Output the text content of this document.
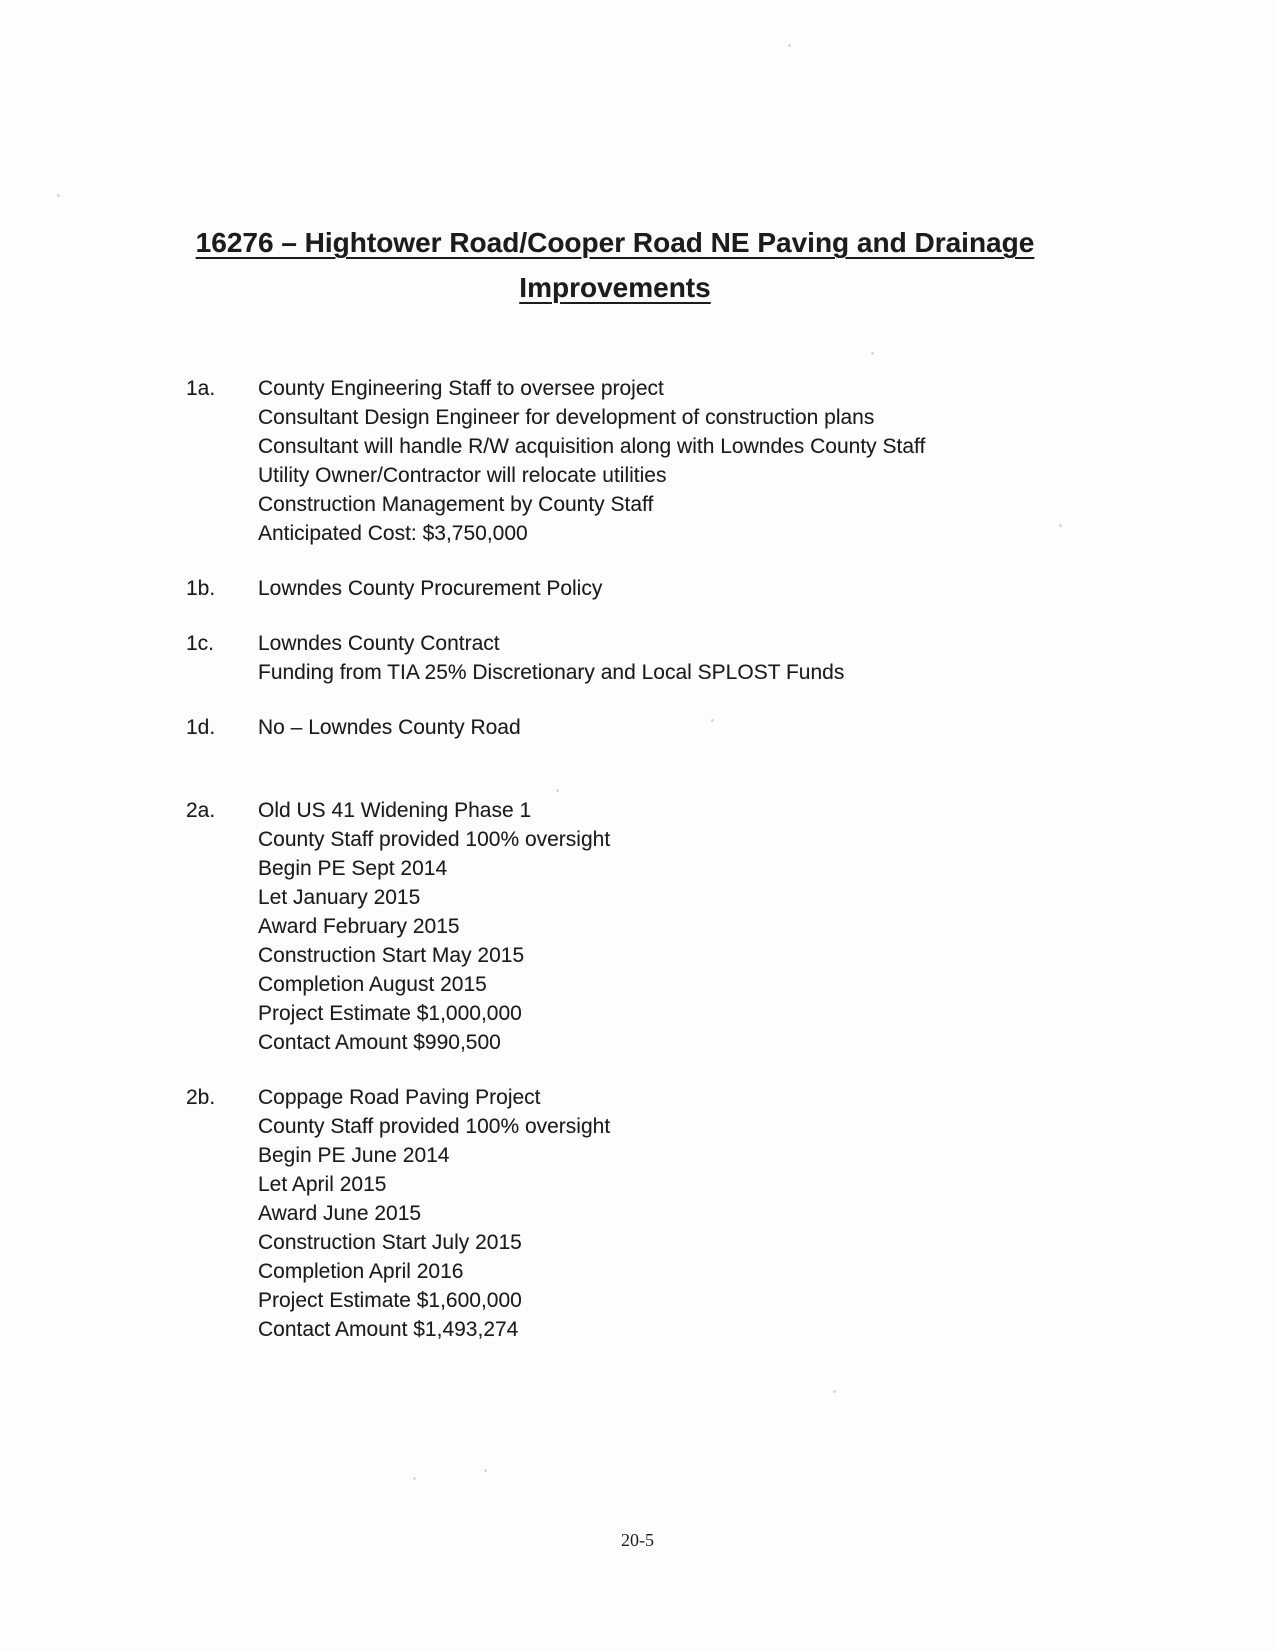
16276 – Hightower Road/Cooper Road NE Paving and Drainage
Improvements
1a.	County Engineering Staff to oversee project

Consultant Design Engineer for development of construction plans

Consultant will handle R/W acquisition along with Lowndes County Staff

Utility Owner/Contractor will relocate utilities

Construction Management by County Staff

Anticipated Cost: $3,750,000

1b.	Lowndes County Procurement Policy

1c.	Lowndes County Contract

Funding from TIA 25% Discretionary and Local SPLOST Funds

1d.	No – Lowndes County Road

2a.	Old US 41 Widening Phase 1

County Staff provided 100% oversight

Begin PE Sept 2014

Let January 2015

Award February 2015

Construction Start May 2015

Completion August 2015

Project Estimate $1,000,000

Contact Amount $990,500

2b.	Coppage Road Paving Project

County Staff provided 100% oversight

Begin PE June 2014

Let April 2015

Award June 2015

Construction Start July 2015

Completion April 2016

Project Estimate $1,600,000

Contact Amount $1,493,274

20-5
